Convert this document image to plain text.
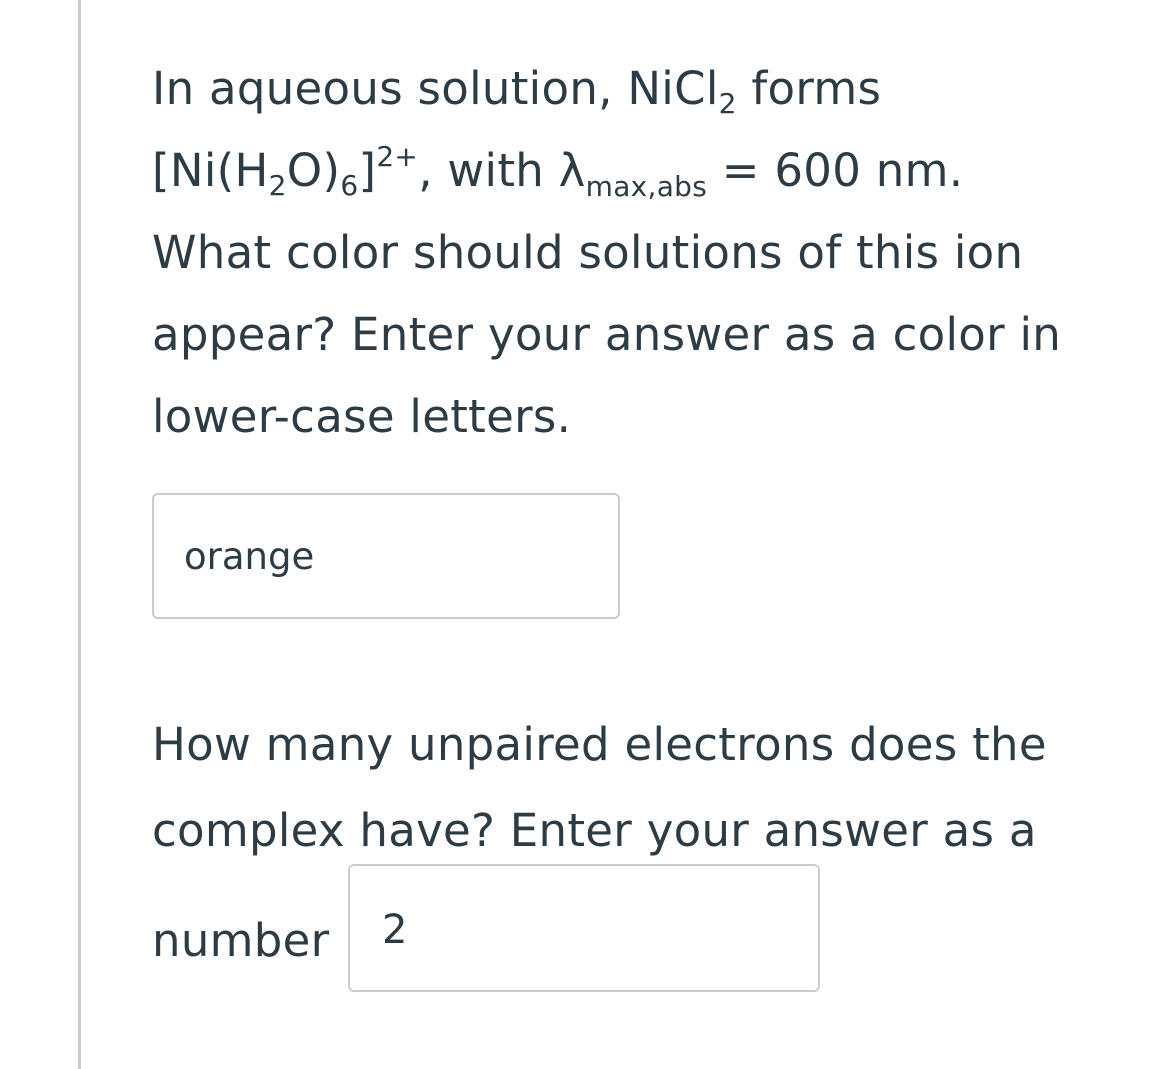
In aqueous solution, NiCl$_2$ forms
$[Ni(H_2O)_6]^{2+}$, with $\lambda_{max,abs} = 600$ nm.
What color should solutions of this ion
appear? Enter your answer as a color in
lower-case letters.
orange
How many unpaired electrons does the
complex have? Enter your answer as a
number 2
